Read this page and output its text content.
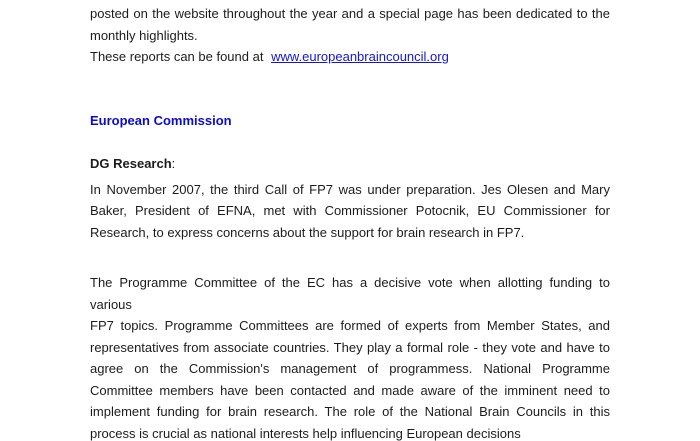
posted on the website throughout the year and a special page has been dedicated to the
monthly highlights.
These reports can be found at www.europeanbraincouncil.org
European Commission
DG Research:
In November 2007, the third Call of FP7 was under preparation. Jes Olesen and Mary
Baker, President of EFNA, met with Commissioner Potocnik, EU Commissioner for
Research, to express concerns about the support for brain research in FP7.
The Programme Committee of the EC has a decisive vote when allotting funding to various
FP7 topics. Programme Committees are formed of experts from Member States, and
representatives from associate countries. They play a formal role - they vote and have to
agree on the Commission's management of programmess. National Programme
Committee members have been contacted and made aware of the imminent need to
implement funding for brain research. The role of the National Brain Councils in this
process is crucial as national interests help influencing European decisions
